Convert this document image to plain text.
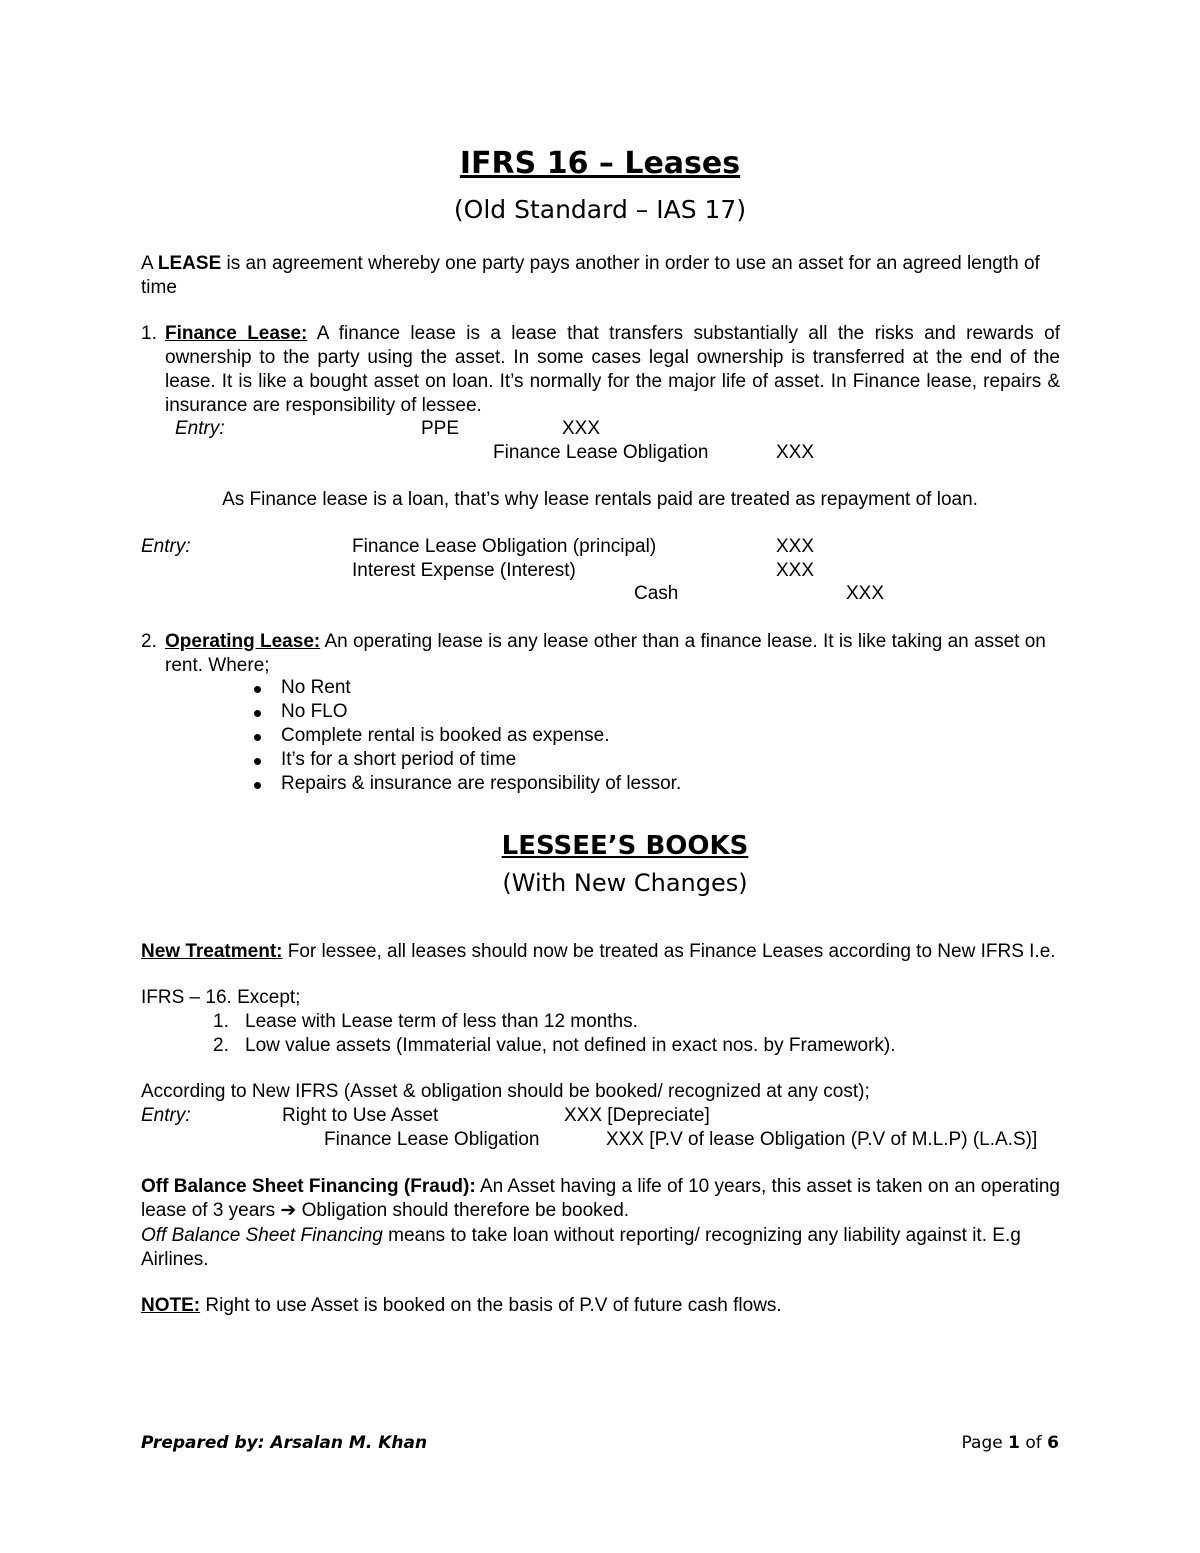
IFRS 16 – Leases
(Old Standard – IAS 17)
A LEASE is an agreement whereby one party pays another in order to use an asset for an agreed length of time
1. Finance Lease: A finance lease is a lease that transfers substantially all the risks and rewards of ownership to the party using the asset. In some cases legal ownership is transferred at the end of the lease. It is like a bought asset on loan. It’s normally for the major life of asset. In Finance lease, repairs & insurance are responsibility of lessee.
Entry:	PPE	XXX
Finance Lease Obligation	XXX
As Finance lease is a loan, that’s why lease rentals paid are treated as repayment of loan.
Entry:	Finance Lease Obligation (principal)	XXX
Interest Expense (Interest)	XXX
Cash	XXX
2. Operating Lease: An operating lease is any lease other than a finance lease. It is like taking an asset on rent. Where;
No Rent
No FLO
Complete rental is booked as expense.
It’s for a short period of time
Repairs & insurance are responsibility of lessor.
LESSEE’S BOOKS
(With New Changes)
New Treatment: For lessee, all leases should now be treated as Finance Leases according to New IFRS I.e.
IFRS – 16. Except;
1. Lease with Lease term of less than 12 months.
2. Low value assets (Immaterial value, not defined in exact nos. by Framework).
According to New IFRS (Asset & obligation should be booked/ recognized at any cost);
Entry:	Right to Use Asset	XXX [Depreciate]
Finance Lease Obligation	XXX [P.V of lease Obligation (P.V of M.L.P) (L.A.S)]
Off Balance Sheet Financing (Fraud): An Asset having a life of 10 years, this asset is taken on an operating lease of 3 years ➔ Obligation should therefore be booked.
Off Balance Sheet Financing means to take loan without reporting/ recognizing any liability against it. E.g Airlines.
NOTE: Right to use Asset is booked on the basis of P.V of future cash flows.
Prepared by: Arsalan M. Khan	Page 1 of 6
